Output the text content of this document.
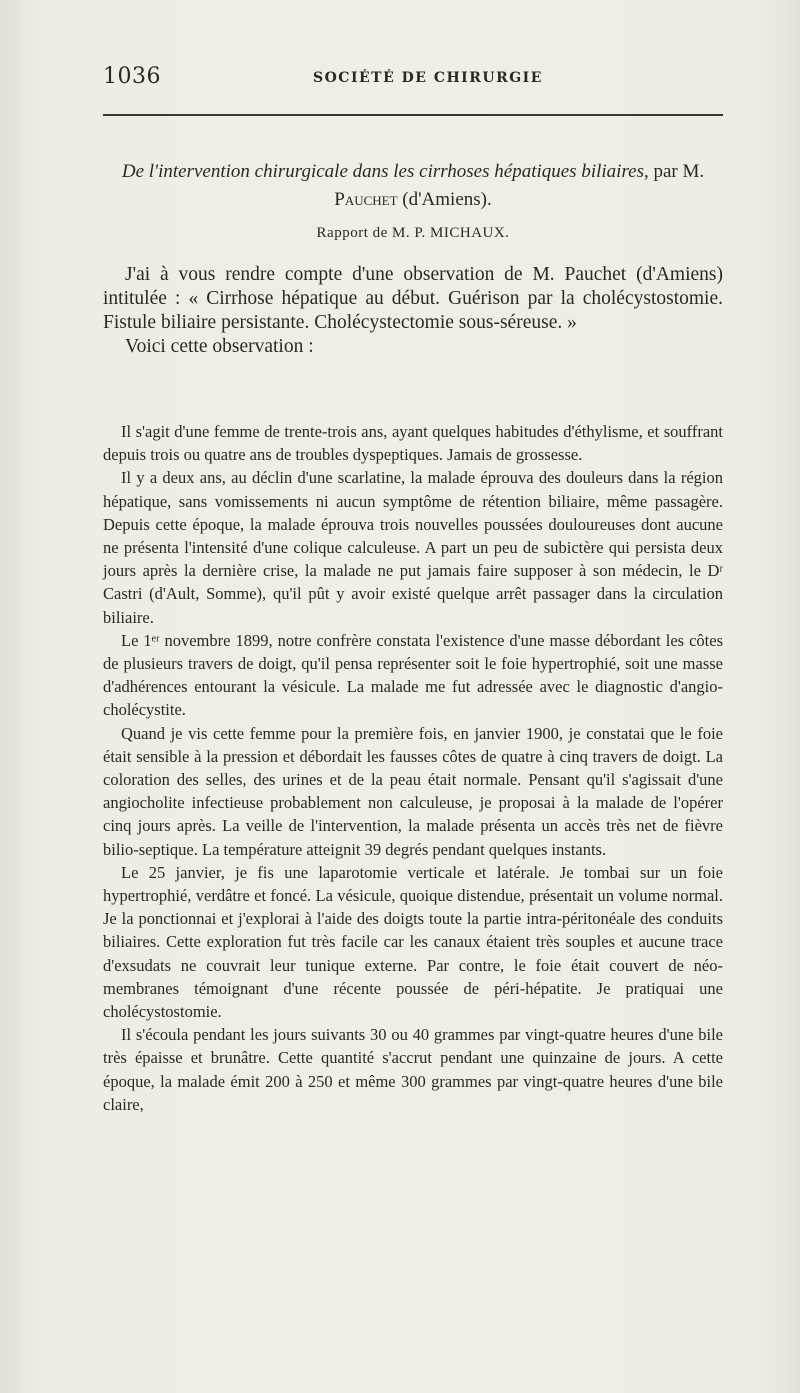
1036	SOCIÉTÉ DE CHIRURGIE
De l'intervention chirurgicale dans les cirrhoses hépatiques biliaires, par M. Pauchet (d'Amiens).
Rapport de M. P. MICHAUX.

J'ai à vous rendre compte d'une observation de M. Pauchet (d'Amiens) intitulée : « Cirrhose hépatique au début. Guérison par la cholécystostomie. Fistule biliaire persistante. Cholécystectomie sous-séreuse. »

Voici cette observation :

Il s'agit d'une femme de trente-trois ans, ayant quelques habitudes d'éthylisme, et souffrant depuis trois ou quatre ans de troubles dyspeptiques. Jamais de grossesse.

Il y a deux ans, au déclin d'une scarlatine, la malade éprouva des douleurs dans la région hépatique, sans vomissements ni aucun symptôme de rétention biliaire, même passagère. Depuis cette époque, la malade éprouva trois nouvelles poussées douloureuses dont aucune ne présenta l'intensité d'une colique calculeuse. A part un peu de subictère qui persista deux jours après la dernière crise, la malade ne put jamais faire supposer à son médecin, le Dʳ Castri (d'Ault, Somme), qu'il pût y avoir existé quelque arrêt passager dans la circulation biliaire.

Le 1ᵉʳ novembre 1899, notre confrère constata l'existence d'une masse débordant les côtes de plusieurs travers de doigt, qu'il pensa représenter soit le foie hypertrophié, soit une masse d'adhérences entourant la vésicule. La malade me fut adressée avec le diagnostic d'angio-cholécystite.

Quand je vis cette femme pour la première fois, en janvier 1900, je constatai que le foie était sensible à la pression et débordait les fausses côtes de quatre à cinq travers de doigt. La coloration des selles, des urines et de la peau était normale. Pensant qu'il s'agissait d'une angiocholite infectieuse probablement non calculeuse, je proposai à la malade de l'opérer cinq jours après. La veille de l'intervention, la malade présenta un accès très net de fièvre bilio-septique. La température atteignit 39 degrés pendant quelques instants.

Le 25 janvier, je fis une laparotomie verticale et latérale. Je tombai sur un foie hypertrophié, verdâtre et foncé. La vésicule, quoique distendue, présentait un volume normal. Je la ponctionnai et j'explorai à l'aide des doigts toute la partie intra-péritonéale des conduits biliaires. Cette exploration fut très facile car les canaux étaient très souples et aucune trace d'exsudats ne couvrait leur tunique externe. Par contre, le foie était couvert de néo-membranes témoignant d'une récente poussée de péri-hépatite. Je pratiquai une cholécystostomie.

Il s'écoula pendant les jours suivants 30 ou 40 grammes par vingt-quatre heures d'une bile très épaisse et brunâtre. Cette quantité s'accrut pendant une quinzaine de jours. A cette époque, la malade émit 200 à 250 et même 300 grammes par vingt-quatre heures d'une bile claire,
